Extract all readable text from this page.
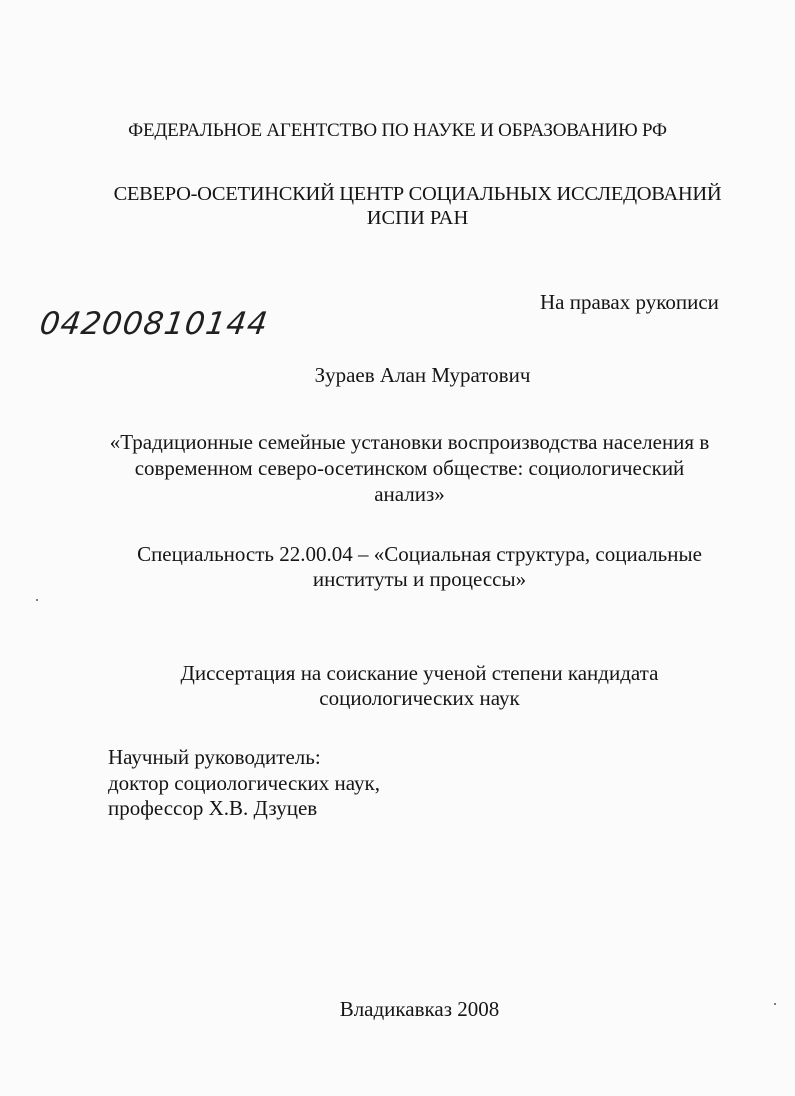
ФЕДЕРАЛЬНОЕ АГЕНТСТВО ПО НАУКЕ И ОБРАЗОВАНИЮ РФ
СЕВЕРО-ОСЕТИНСКИЙ ЦЕНТР СОЦИАЛЬНЫХ ИССЛЕДОВАНИЙ
ИСПИ РАН
На правах рукописи
04200810144
Зураев Алан Муратович
«Традиционные семейные установки воспроизводства населения в
современном северо-осетинском обществе: социологический
анализ»
Специальность 22.00.04 – «Социальная структура, социальные
институты и процессы»
Диссертация на соискание ученой степени кандидата
социологических наук
Научный руководитель:
доктор социологических наук,
профессор Х.В. Дзуцев
Владикавказ 2008
